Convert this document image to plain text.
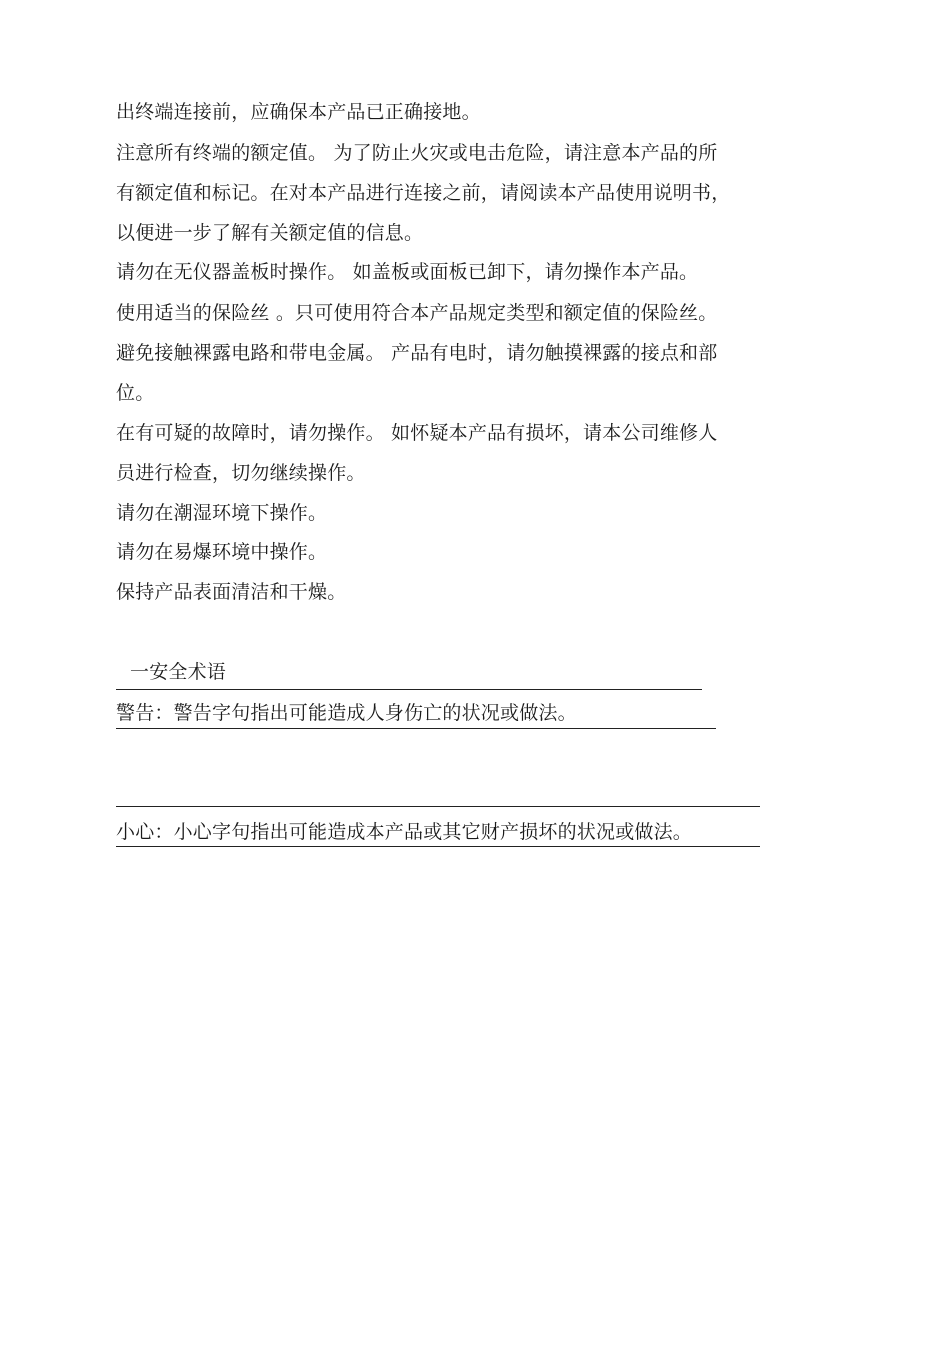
出终端连接前，应确保本产品已正确接地。
注意所有终端的额定值。 为了防止火灾或电击危险，请注意本产品的所
有额定值和标记。在对本产品进行连接之前，请阅读本产品使用说明书，
以便进一步了解有关额定值的信息。
请勿在无仪器盖板时操作。 如盖板或面板已卸下，请勿操作本产品。
使用适当的保险丝 。只可使用符合本产品规定类型和额定值的保险丝。
避免接触裸露电路和带电金属。 产品有电时，请勿触摸裸露的接点和部
位。
在有可疑的故障时，请勿操作。 如怀疑本产品有损坏，请本公司维修人
员进行检查，切勿继续操作。
请勿在潮湿环境下操作。
请勿在易爆环境中操作。
保持产品表面清洁和干燥。
一安全术语
警告：警告字句指出可能造成人身伤亡的状况或做法。
小心：小心字句指出可能造成本产品或其它财产损坏的状况或做法。
